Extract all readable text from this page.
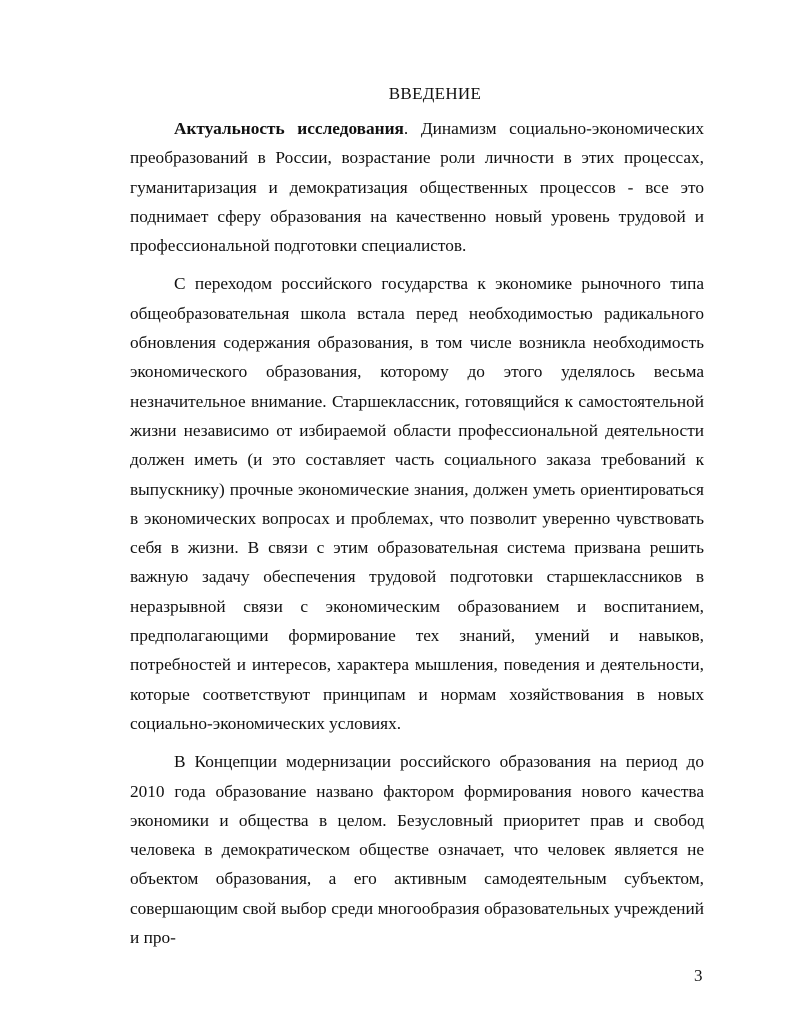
ВВЕДЕНИЕ

Актуальность исследования. Динамизм социально-экономических преобразований в России, возрастание роли личности в этих процессах, гуманитаризация и демократизация общественных процессов - все это поднимает сферу образования на качественно новый уровень трудовой и профессиональной подготовки специалистов.

С переходом российского государства к экономике рыночного типа общеобразовательная школа встала перед необходимостью радикального обновления содержания образования, в том числе возникла необходимость экономического образования, которому до этого уделялось весьма незначительное внимание. Старшеклассник, готовящийся к самостоятельной жизни независимо от избираемой области профессиональной деятельности должен иметь (и это составляет часть социального заказа требований к выпускнику) прочные экономические знания, должен уметь ориентироваться в экономических вопросах и проблемах, что позволит уверенно чувствовать себя в жизни. В связи с этим образовательная система призвана решить важную задачу обеспечения трудовой подготовки старшеклассников в неразрывной связи с экономическим образованием и воспитанием, предполагающими формирование тех знаний, умений и навыков, потребностей и интересов, характера мышления, поведения и деятельности, которые соответствуют принципам и нормам хозяйствования в новых социально-экономических условиях.

В Концепции модернизации российского образования на период до 2010 года образование названо фактором формирования нового качества экономики и общества в целом. Безусловный приоритет прав и свобод человека в демократическом обществе означает, что человек является не объектом образования, а его активным самодеятельным субъектом, совершающим свой выбор среди многообразия образовательных учреждений и про-

3
